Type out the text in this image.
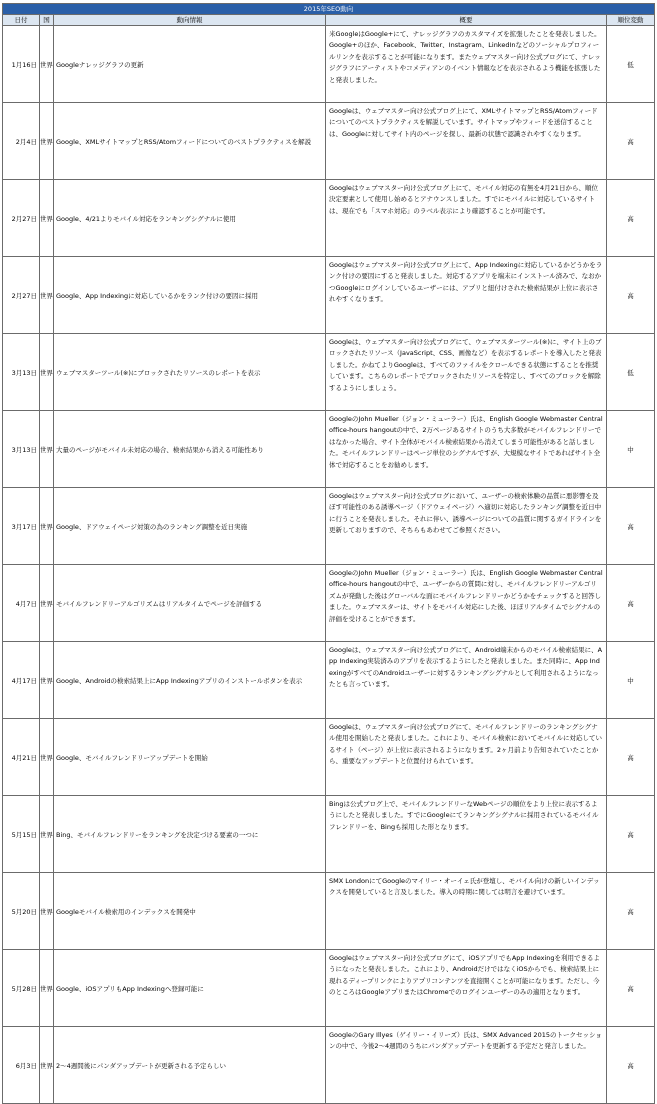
2015年SEO動向				
日付	国	動向情報	概要	順位変動
1月16日	世界	Googleナレッジグラフの更新	米GoogleはGoogle+にて、ナレッジグラフのカスタマイズを拡張したことを発表しました。Google+のほか、Facebook、Twitter、Instagram、LinkedInなどのソーシャルプロフィールリンクを表示することが可能になります。またウェブマスター向け公式ブログにて、ナレッジグラフにアーティストやコメディアンのイベント情報などを表示されるよう機能を拡張したと発表しました。	低
2月4日	世界	Google、XMLサイトマップとRSS/Atomフィードについてのベストプラクティスを解説	Googleは、ウェブマスター向け公式ブログ上にて、XMLサイトマップとRSS/Atomフィードについてのベストプラクティスを解説しています。サイトマップやフィードを送信することは、Googleに対してサイト内のページを探し、最新の状態で認識されやすくなります。	高
2月27日	世界	Google、4/21よりモバイル対応をランキングシグナルに使用	Googleはウェブマスター向け公式ブログ上にて、モバイル対応の有無を4月21日から、順位決定要素として使用し始めるとアナウンスしました。すでにモバイルに対応しているサイトは、現在でも「スマホ対応」のラベル表示により確認することが可能です。	高
2月27日	世界	Google、App Indexingに対応しているかをランク付けの要因に採用	Googleはウェブマスター向け公式ブログ上にて、App Indexingに対応しているかどうかをランク付けの要因にすると発表しました。対応するアプリを端末にインストール済みで、なおかつGoogleにログインしているユーザーには、アプリと紐付けされた検索結果が上位に表示されやすくなります。	高
3月13日	世界	ウェブマスターツール(※)にブロックされたリソースのレポートを表示	Googleは、ウェブマスター向け公式ブログにて、ウェブマスターツール(※)に、サイト上のブロックされたリソース（JavaScript、CSS、画像など）を表示するレポートを導入したと発表しました。かねてよりGoogleは、すべてのファイルをクロールできる状態にすることを推奨しています。こちらのレポートでブロックされたリソースを特定し、すべてのブロックを解除するようにしましょう。	低
3月13日	世界	大量のページがモバイル未対応の場合、検索結果から消える可能性あり	GoogleのJohn Mueller（ジョン・ミューラー）氏は、English Google Webmaster Central office-hours hangoutの中で、2万ページあるサイトのうち大多数がモバイルフレンドリーではなかった場合、サイト全体がモバイル検索結果から消えてしまう可能性があると話しました。モバイルフレンドリーはページ単位のシグナルですが、大規模なサイトであればサイト全体で対応することをお勧めします。	中
3月17日	世界	Google、ドアウェイページ対策の為のランキング調整を近日実施	Googleはウェブマスター向け公式ブログにおいて、ユーザーの検索体験の品質に悪影響を及ぼす可能性のある誘導ページ（ドアウェイページ）へ適切に対応したランキング調整を近日中に行うことを発表しました。それに伴い、誘導ページについての品質に関するガイドラインを更新しておりますので、そちらもあわせてご参照ください。	高
4月7日	世界	モバイルフレンドリーアルゴリズムはリアルタイムでページを評価する	GoogleのJohn Mueller（ジョン・ミューラー）氏は、English Google Webmaster Central office-hours hangoutの中で、ユーザーからの質問に対し、モバイルフレンドリーアルゴリズムが発動した後はグローバルな面にモバイルフレンドリーかどうかをチェックすると回答しました。ウェブマスターは、サイトをモバイル対応にした後、ほぼリアルタイムでシグナルの評価を受けることができます。	高
4月17日	世界	Google、Androidの検索結果上にApp Indexingアプリのインストールボタンを表示	Googleは、ウェブマスター向け公式ブログにて、Android端末からのモバイル検索結果に、App Indexing実装済みのアプリを表示するようにしたと発表しました。また同時に、App IndexingがすべてのAndroidユーザーに対するランキングシグナルとして利用されるようになったとも言っています。	中
4月21日	世界	Google、モバイルフレンドリーアップデートを開始	Googleは、ウェブマスター向け公式ブログにて、モバイルフレンドリーのランキングシグナル使用を開始したと発表しました。これにより、モバイル検索においてモバイルに対応しているサイト（ページ）が上位に表示されるようになります。2ヶ月前より告知されていたことから、重要なアップデートと位置付けられています。	高
5月15日	世界	Bing、モバイルフレンドリーをランキングを決定づける要素の一つに	Bingは公式ブログ上で、モバイルフレンドリーなWebページの順位をより上位に表示するようにしたと発表しました。すでにGoogleにてランキングシグナルに採用されているモバイルフレンドリーを、Bingも採用した形となります。	高
5月20日	世界	Googleモバイル検索用のインデックスを開発中	SMX LondonにてGoogleのマイリー・オーイェ氏が登壇し、モバイル向けの新しいインデックスを開発していると言及しました。導入の時期に関しては明言を避けています。	高
5月28日	世界	Google、iOSアプリもApp Indexingへ登録可能に	Googleはウェブマスター向け公式ブログにて、iOSアプリでもApp Indexingを利用できるようになったと発表しました。これにより、AndroidだけではなくiOSからでも、検索結果上に現れるディープリンクによりアプリコンテンツを直接開くことが可能になります。ただし、今のところはGoogleアプリまたはChromeでのログインユーザーのみの適用となります。	高
6月3日	世界	2～4週間後にパンダアップデートが更新される予定らしい	GoogleのGary Illyes（ゲイリー・イリーズ）氏は、SMX Advanced 2015のトークセッションの中で、今後2～4週間のうちにパンダアップデートを更新する予定だと発言しました。	高
